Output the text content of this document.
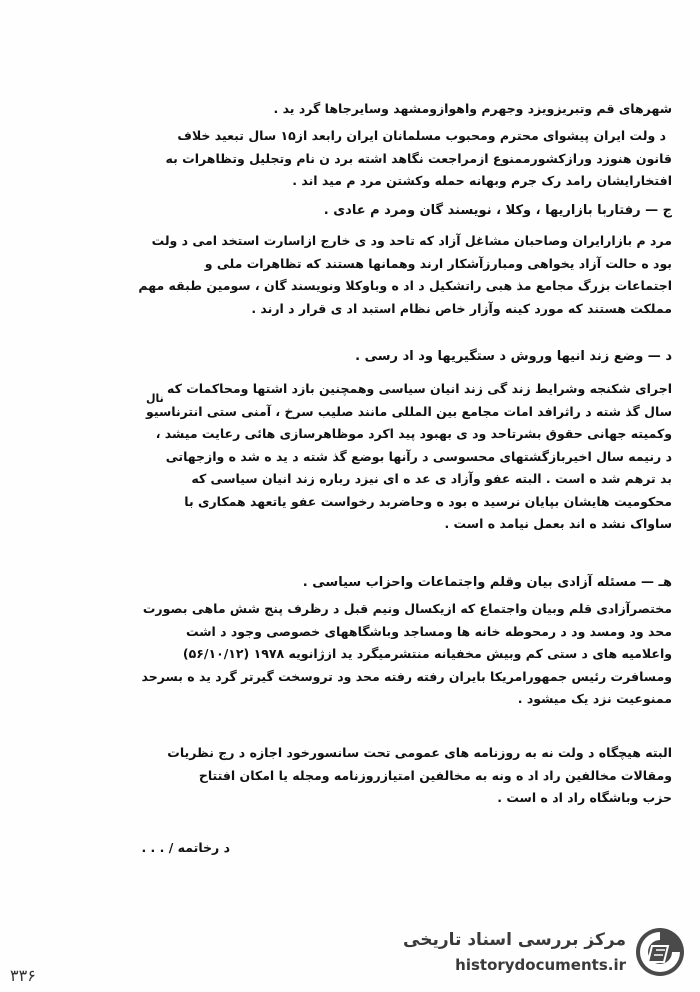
شهرهای قم وتبریزویزد وجهرم واهوازومشهد وسایرجاها گرد ید .
د ولت ایران پیشوای محترم ومحبوب مسلمانان ایران رابعد از۱۵ سال تبعید خلاف
قانون هنوزد ورازکشورممنوع ازمراجعت نگاهد اشته برد ن نام وتجلیل وتظاهرات به
افتخارایشان رامد رک جرم وبهانه حمله وکشتن مرد م مید اند .
ج — رفتاربا بازاریها ، وکلا ، نویسند گان ومرد م عادی .
مرد م بازارایران وصاحبان مشاغل آزاد که تاحد ود ی خارج ازاسارت استخد امی د ولت
بود ه حالت آزاد یخواهی ومبارزآشکار ارند وهمانها هستند که تظاهرات ملی و
اجتماعات بزرگ مجامع مذ هبی راتشکیل د اد ه وباوکلا ونویسند گان ، سومین طبقه مهم
مملکت هستند که مورد کینه وآزار خاص نظام استبد اد ی قرار د ارند .
د — وضع زند انیها وروش د ستگیریها ود اد رسی .
اجرای شکنجه وشرایط زند گی زند انیان سیاسی وهمچنین بازد اشتها ومحاکمات که
سال گذ شته د راثرافد امات مجامع بین المللی مانند صلیب سرخ ، آمنی ستی انترناسیو
وکمیته جهانی حقوق بشرتاحد ود ی بهبود پید اکرد موظاهرسازی هائی رعایت میشد ،
د رنیمه سال اخیربازگشتهای محسوسی د رآنها بوضع گذ شته د ید ه شد ه وازجهاتی
بد ترهم شد ه است . البته عفو وآزاد ی عد ه ای نیزد رباره زند انیان سیاسی که
محکومیت هایشان بپایان نرسید ه بود ه وحاضربد رخواست عفو یاتعهد همکاری با
ساواک نشد ه اند بعمل نیامد ه است .
نال
هـ — مسئله آزادی بیان وقلم واجتماعات واحزاب سیاسی .
مختصرآزادی قلم وبیان واجتماع که ازیکسال ونیم قبل د رظرف پنج شش ماهی بصورت
محد ود ومسد ود د رمحوطه خانه ها ومساجد وباشگاههای خصوصی وجود د اشت
واعلامیه های د ستی کم وبیش مخفیانه منتشرمیگرد ید ازژانویه ۱۹۷۸ (۵۶/۱۰/۱۲)
ومسافرت رئیس جمهورامریکا بایران رفته رفته محد ود تروسخت گیرتر گرد ید ه بسرحد
ممنوعیت نزد یک میشود .
البته هیچگاه د ولت نه به روزنامه های عمومی تحت سانسورخود اجازه د رج نظریات
ومقالات مخالفین راد اد ه ونه به مخالفین امتیازروزنامه ومجله یا امکان افتتاح
حزب وباشگاه راد اد ه است .
د رخاتمه / . . .
۳۳۶
مرکز بررسی اسناد تاریخی
historydocuments.ir
